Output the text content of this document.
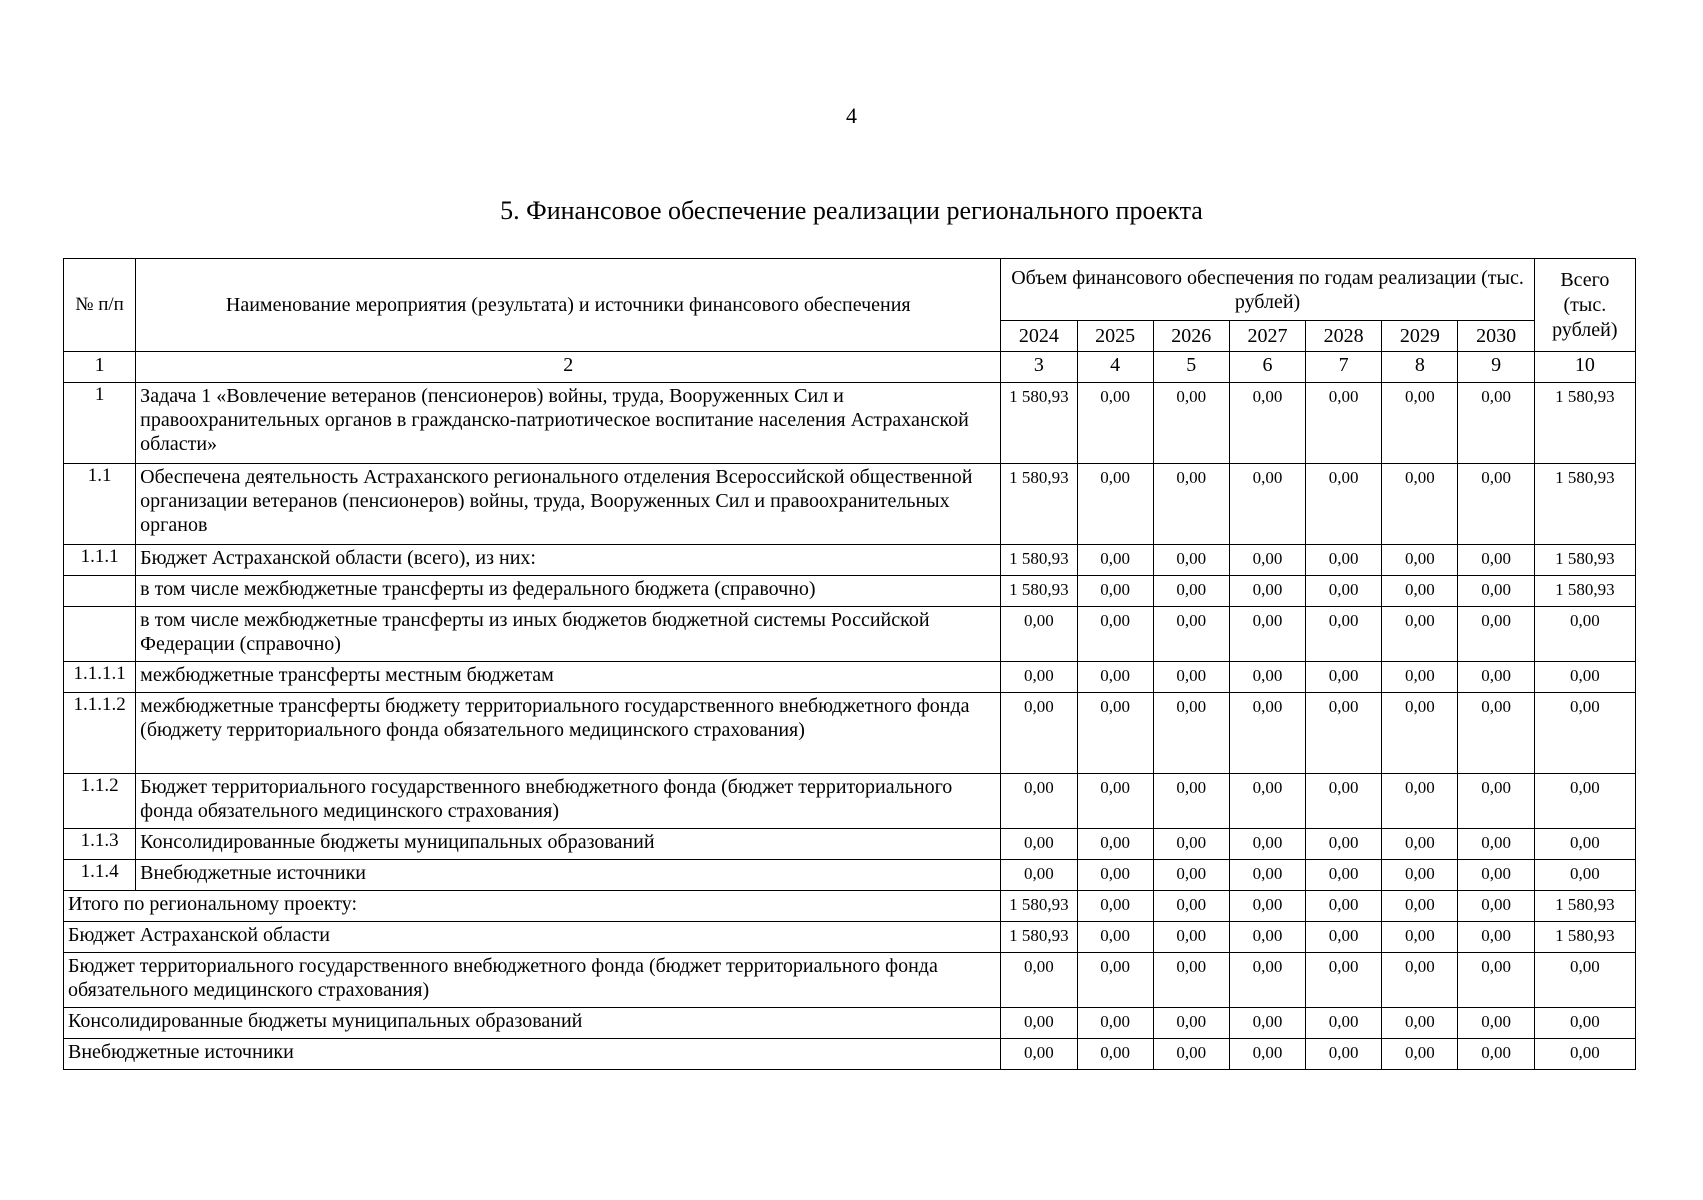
4
5. Финансовое обеспечение реализации регионального проекта
№ п/п	Наименование мероприятия (результата) и источники финансового обеспечения	Объем финансового обеспечения по годам реализации (тыс. рублей)							Всего (тыс. рублей)
		2024	2025	2026	2027	2028	2029	2030	
1	2	3	4	5	6	7	8	9	10
1	Задача 1 «Вовлечение ветеранов (пенсионеров) войны, труда, Вооруженных Сил и правоохранительных органов в гражданско-патриотическое воспитание населения Астраханской области»	1 580,93	0,00	0,00	0,00	0,00	0,00	0,00	1 580,93
1.1	Обеспечена деятельность Астраханского регионального отделения Всероссийской общественной организации ветеранов (пенсионеров) войны, труда, Вооруженных Сил и правоохранительных органов	1 580,93	0,00	0,00	0,00	0,00	0,00	0,00	1 580,93
1.1.1	Бюджет Астраханской области (всего), из них:	1 580,93	0,00	0,00	0,00	0,00	0,00	0,00	1 580,93
	в том числе межбюджетные трансферты из федерального бюджета (справочно)	1 580,93	0,00	0,00	0,00	0,00	0,00	0,00	1 580,93
	в том числе межбюджетные трансферты из иных бюджетов бюджетной системы Российской Федерации (справочно)	0,00	0,00	0,00	0,00	0,00	0,00	0,00	0,00
1.1.1.1	межбюджетные трансферты местным бюджетам	0,00	0,00	0,00	0,00	0,00	0,00	0,00	0,00
1.1.1.2	межбюджетные трансферты бюджету территориального государственного внебюджетного фонда (бюджету территориального фонда обязательного медицинского страхования)	0,00	0,00	0,00	0,00	0,00	0,00	0,00	0,00
1.1.2	Бюджет территориального государственного внебюджетного фонда (бюджет территориального фонда обязательного медицинского страхования)	0,00	0,00	0,00	0,00	0,00	0,00	0,00	0,00
1.1.3	Консолидированные бюджеты муниципальных образований	0,00	0,00	0,00	0,00	0,00	0,00	0,00	0,00
1.1.4	Внебюджетные источники	0,00	0,00	0,00	0,00	0,00	0,00	0,00	0,00
Итого по региональному проекту:		1 580,93	0,00	0,00	0,00	0,00	0,00	0,00	1 580,93
Бюджет Астраханской области		1 580,93	0,00	0,00	0,00	0,00	0,00	0,00	1 580,93
Бюджет территориального государственного внебюджетного фонда (бюджет территориального фонда обязательного медицинского страхования)		0,00	0,00	0,00	0,00	0,00	0,00	0,00	0,00
Консолидированные бюджеты муниципальных образований		0,00	0,00	0,00	0,00	0,00	0,00	0,00	0,00
Внебюджетные источники		0,00	0,00	0,00	0,00	0,00	0,00	0,00	0,00
